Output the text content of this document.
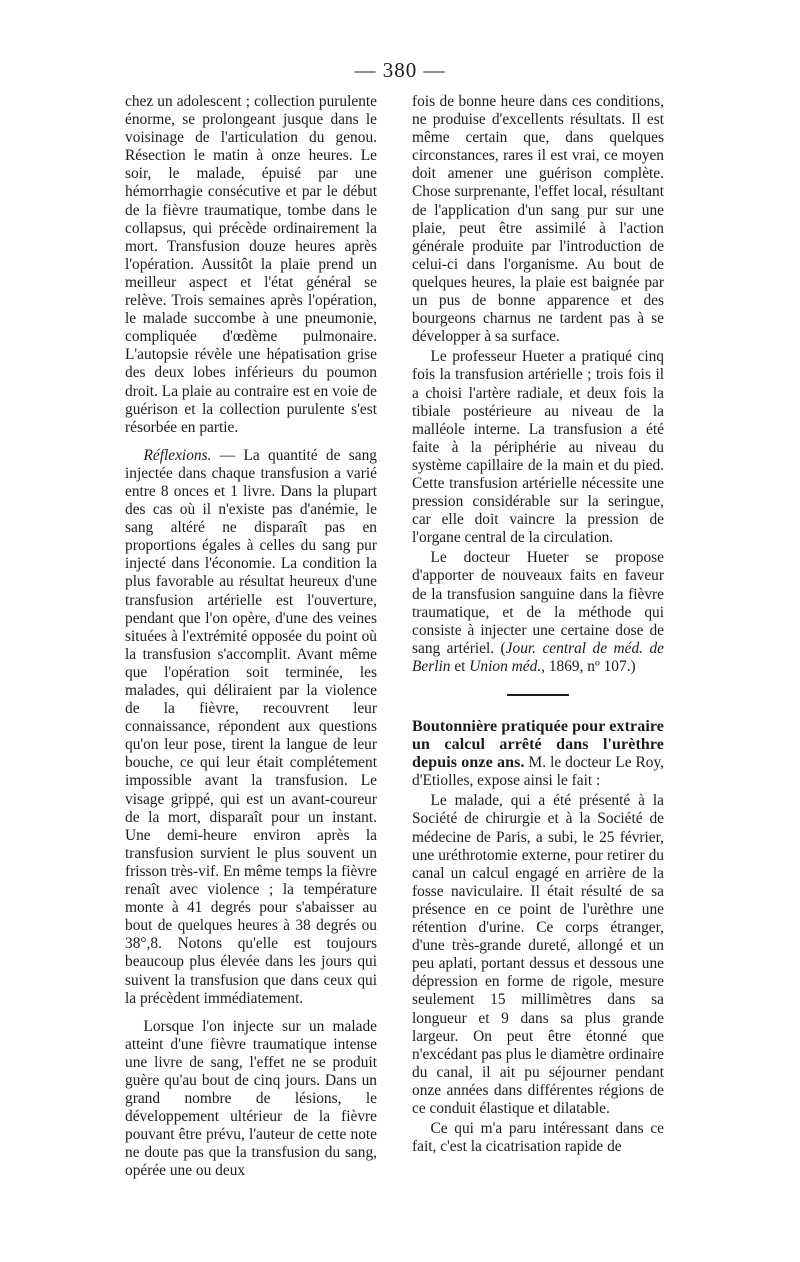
— 380 —

chez un adolescent ; collection purulente énorme, se prolongeant jusque dans le voisinage de l'articulation du genou. Résection le matin à onze heures. Le soir, le malade, épuisé par une hémorrhagie consécutive et par le début de la fièvre traumatique, tombe dans le collapsus, qui précède ordinairement la mort. Transfusion douze heures après l'opération. Aussitôt la plaie prend un meilleur aspect et l'état général se relève. Trois semaines après l'opération, le malade succombe à une pneumonie, compliquée d'œdème pulmonaire. L'autopsie révèle une hépatisation grise des deux lobes inférieurs du poumon droit. La plaie au contraire est en voie de guérison et la collection purulente s'est résorbée en partie.

Réflexions. — La quantité de sang injectée dans chaque transfusion a varié entre 8 onces et 1 livre. Dans la plupart des cas où il n'existe pas d'anémie, le sang altéré ne disparaît pas en proportions égales à celles du sang pur injecté dans l'économie. La condition la plus favorable au résultat heureux d'une transfusion artérielle est l'ouverture, pendant que l'on opère, d'une des veines situées à l'extrémité opposée du point où la transfusion s'accomplit. Avant même que l'opération soit terminée, les malades, qui déliraient par la violence de la fièvre, recouvrent leur connaissance, répondent aux questions qu'on leur pose, tirent la langue de leur bouche, ce qui leur était complétement impossible avant la transfusion. Le visage grippé, qui est un avant-coureur de la mort, disparaît pour un instant. Une demi-heure environ après la transfusion survient le plus souvent un frisson très-vif. En même temps la fièvre renaît avec violence ; la température monte à 41 degrés pour s'abaisser au bout de quelques heures à 38 degrés ou 38°,8. Notons qu'elle est toujours beaucoup plus élevée dans les jours qui suivent la transfusion que dans ceux qui la précèdent immédiatement.

Lorsque l'on injecte sur un malade atteint d'une fièvre traumatique intense une livre de sang, l'effet ne se produit guère qu'au bout de cinq jours. Dans un grand nombre de lésions, le développement ultérieur de la fièvre pouvant être prévu, l'auteur de cette note ne doute pas que la transfusion du sang, opérée une ou deux

fois de bonne heure dans ces conditions, ne produise d'excellents résultats. Il est même certain que, dans quelques circonstances, rares il est vrai, ce moyen doit amener une guérison complète. Chose surprenante, l'effet local, résultant de l'application d'un sang pur sur une plaie, peut être assimilé à l'action générale produite par l'introduction de celui-ci dans l'organisme. Au bout de quelques heures, la plaie est baignée par un pus de bonne apparence et des bourgeons charnus ne tardent pas à se développer à sa surface.

Le professeur Hueter a pratiqué cinq fois la transfusion artérielle ; trois fois il a choisi l'artère radiale, et deux fois la tibiale postérieure au niveau de la malléole interne. La transfusion a été faite à la périphérie au niveau du système capillaire de la main et du pied. Cette transfusion artérielle nécessite une pression considérable sur la seringue, car elle doit vaincre la pression de l'organe central de la circulation.

Le docteur Hueter se propose d'apporter de nouveaux faits en faveur de la transfusion sanguine dans la fièvre traumatique, et de la méthode qui consiste à injecter une certaine dose de sang artériel. (Jour. central de méd. de Berlin et Union méd., 1869, nº 107.)

Boutonnière pratiquée pour extraire un calcul arrêté dans l'urèthre depuis onze ans. M. le docteur Le Roy, d'Etiolles, expose ainsi le fait :

Le malade, qui a été présenté à la Société de chirurgie et à la Société de médecine de Paris, a subi, le 25 février, une uréthrotomie externe, pour retirer du canal un calcul engagé en arrière de la fosse naviculaire. Il était résulté de sa présence en ce point de l'urèthre une rétention d'urine. Ce corps étranger, d'une très-grande dureté, allongé et un peu aplati, portant dessus et dessous une dépression en forme de rigole, mesure seulement 15 millimètres dans sa longueur et 9 dans sa plus grande largeur. On peut être étonné que n'excédant pas plus le diamètre ordinaire du canal, il ait pu séjourner pendant onze années dans différentes régions de ce conduit élastique et dilatable.

Ce qui m'a paru intéressant dans ce fait, c'est la cicatrisation rapide de
